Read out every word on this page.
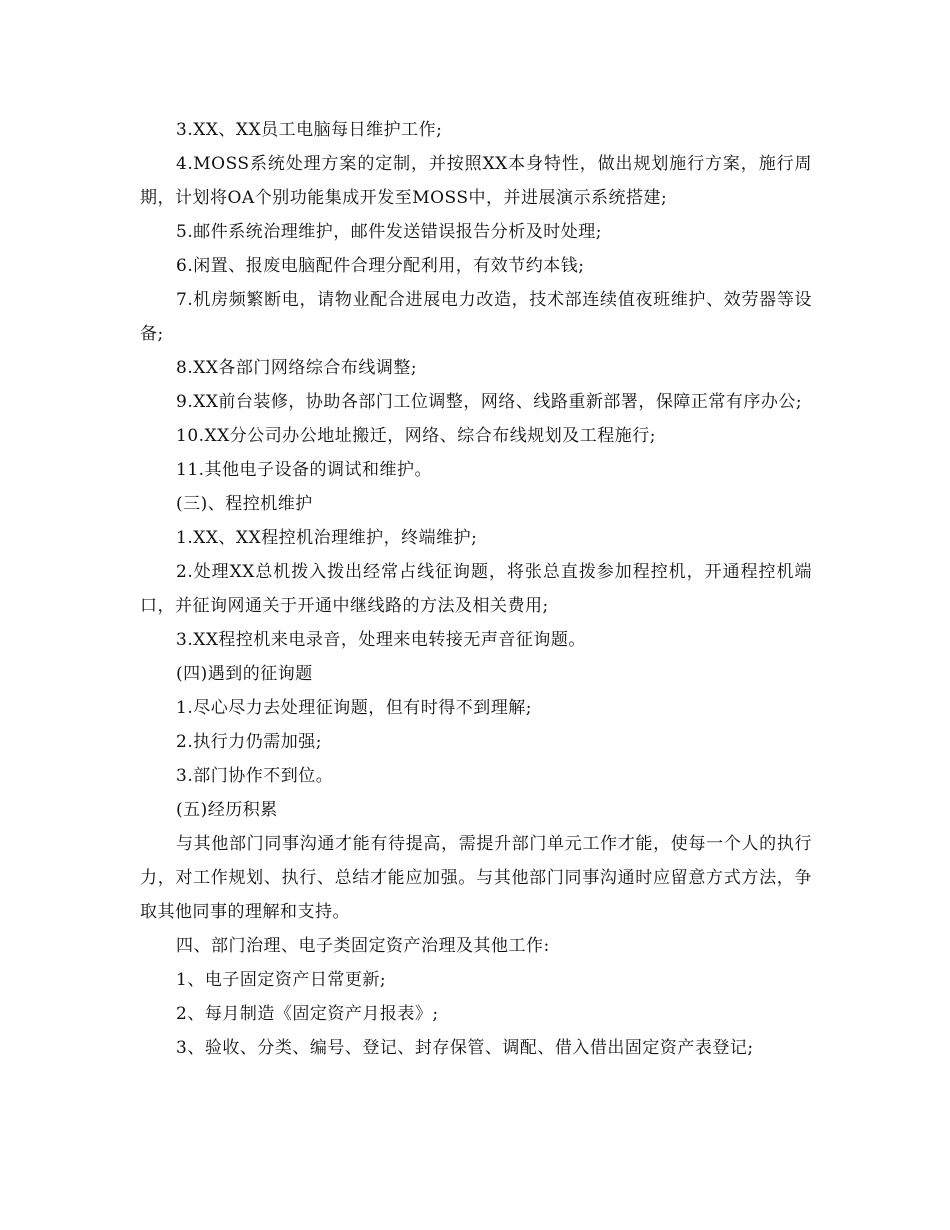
3.XX、XX员工电脑每日维护工作;

4.MOSS系统处理方案的定制，并按照XX本身特性，做出规划施行方案，施行周期，计划将OA个别功能集成开发至MOSS中，并进展演示系统搭建;

5.邮件系统治理维护，邮件发送错误报告分析及时处理;

6.闲置、报废电脑配件合理分配利用，有效节约本钱;

7.机房频繁断电，请物业配合进展电力改造，技术部连续值夜班维护、效劳器等设备;

8.XX各部门网络综合布线调整;

9.XX前台装修，协助各部门工位调整，网络、线路重新部署，保障正常有序办公;

10.XX分公司办公地址搬迁，网络、综合布线规划及工程施行;

11.其他电子设备的调试和维护。

(三)、程控机维护

1.XX、XX程控机治理维护，终端维护;

2.处理XX总机拨入拨出经常占线征询题，将张总直拨参加程控机，开通程控机端口，并征询网通关于开通中继线路的方法及相关费用;

3.XX程控机来电录音，处理来电转接无声音征询题。

(四)遇到的征询题

1.尽心尽力去处理征询题，但有时得不到理解;

2.执行力仍需加强;

3.部门协作不到位。

(五)经历积累

与其他部门同事沟通才能有待提高，需提升部门单元工作才能，使每一个人的执行力，对工作规划、执行、总结才能应加强。与其他部门同事沟通时应留意方式方法，争取其他同事的理解和支持。

四、部门治理、电子类固定资产治理及其他工作:

1、电子固定资产日常更新;

2、每月制造《固定资产月报表》;

3、验收、分类、编号、登记、封存保管、调配、借入借出固定资产表登记;
